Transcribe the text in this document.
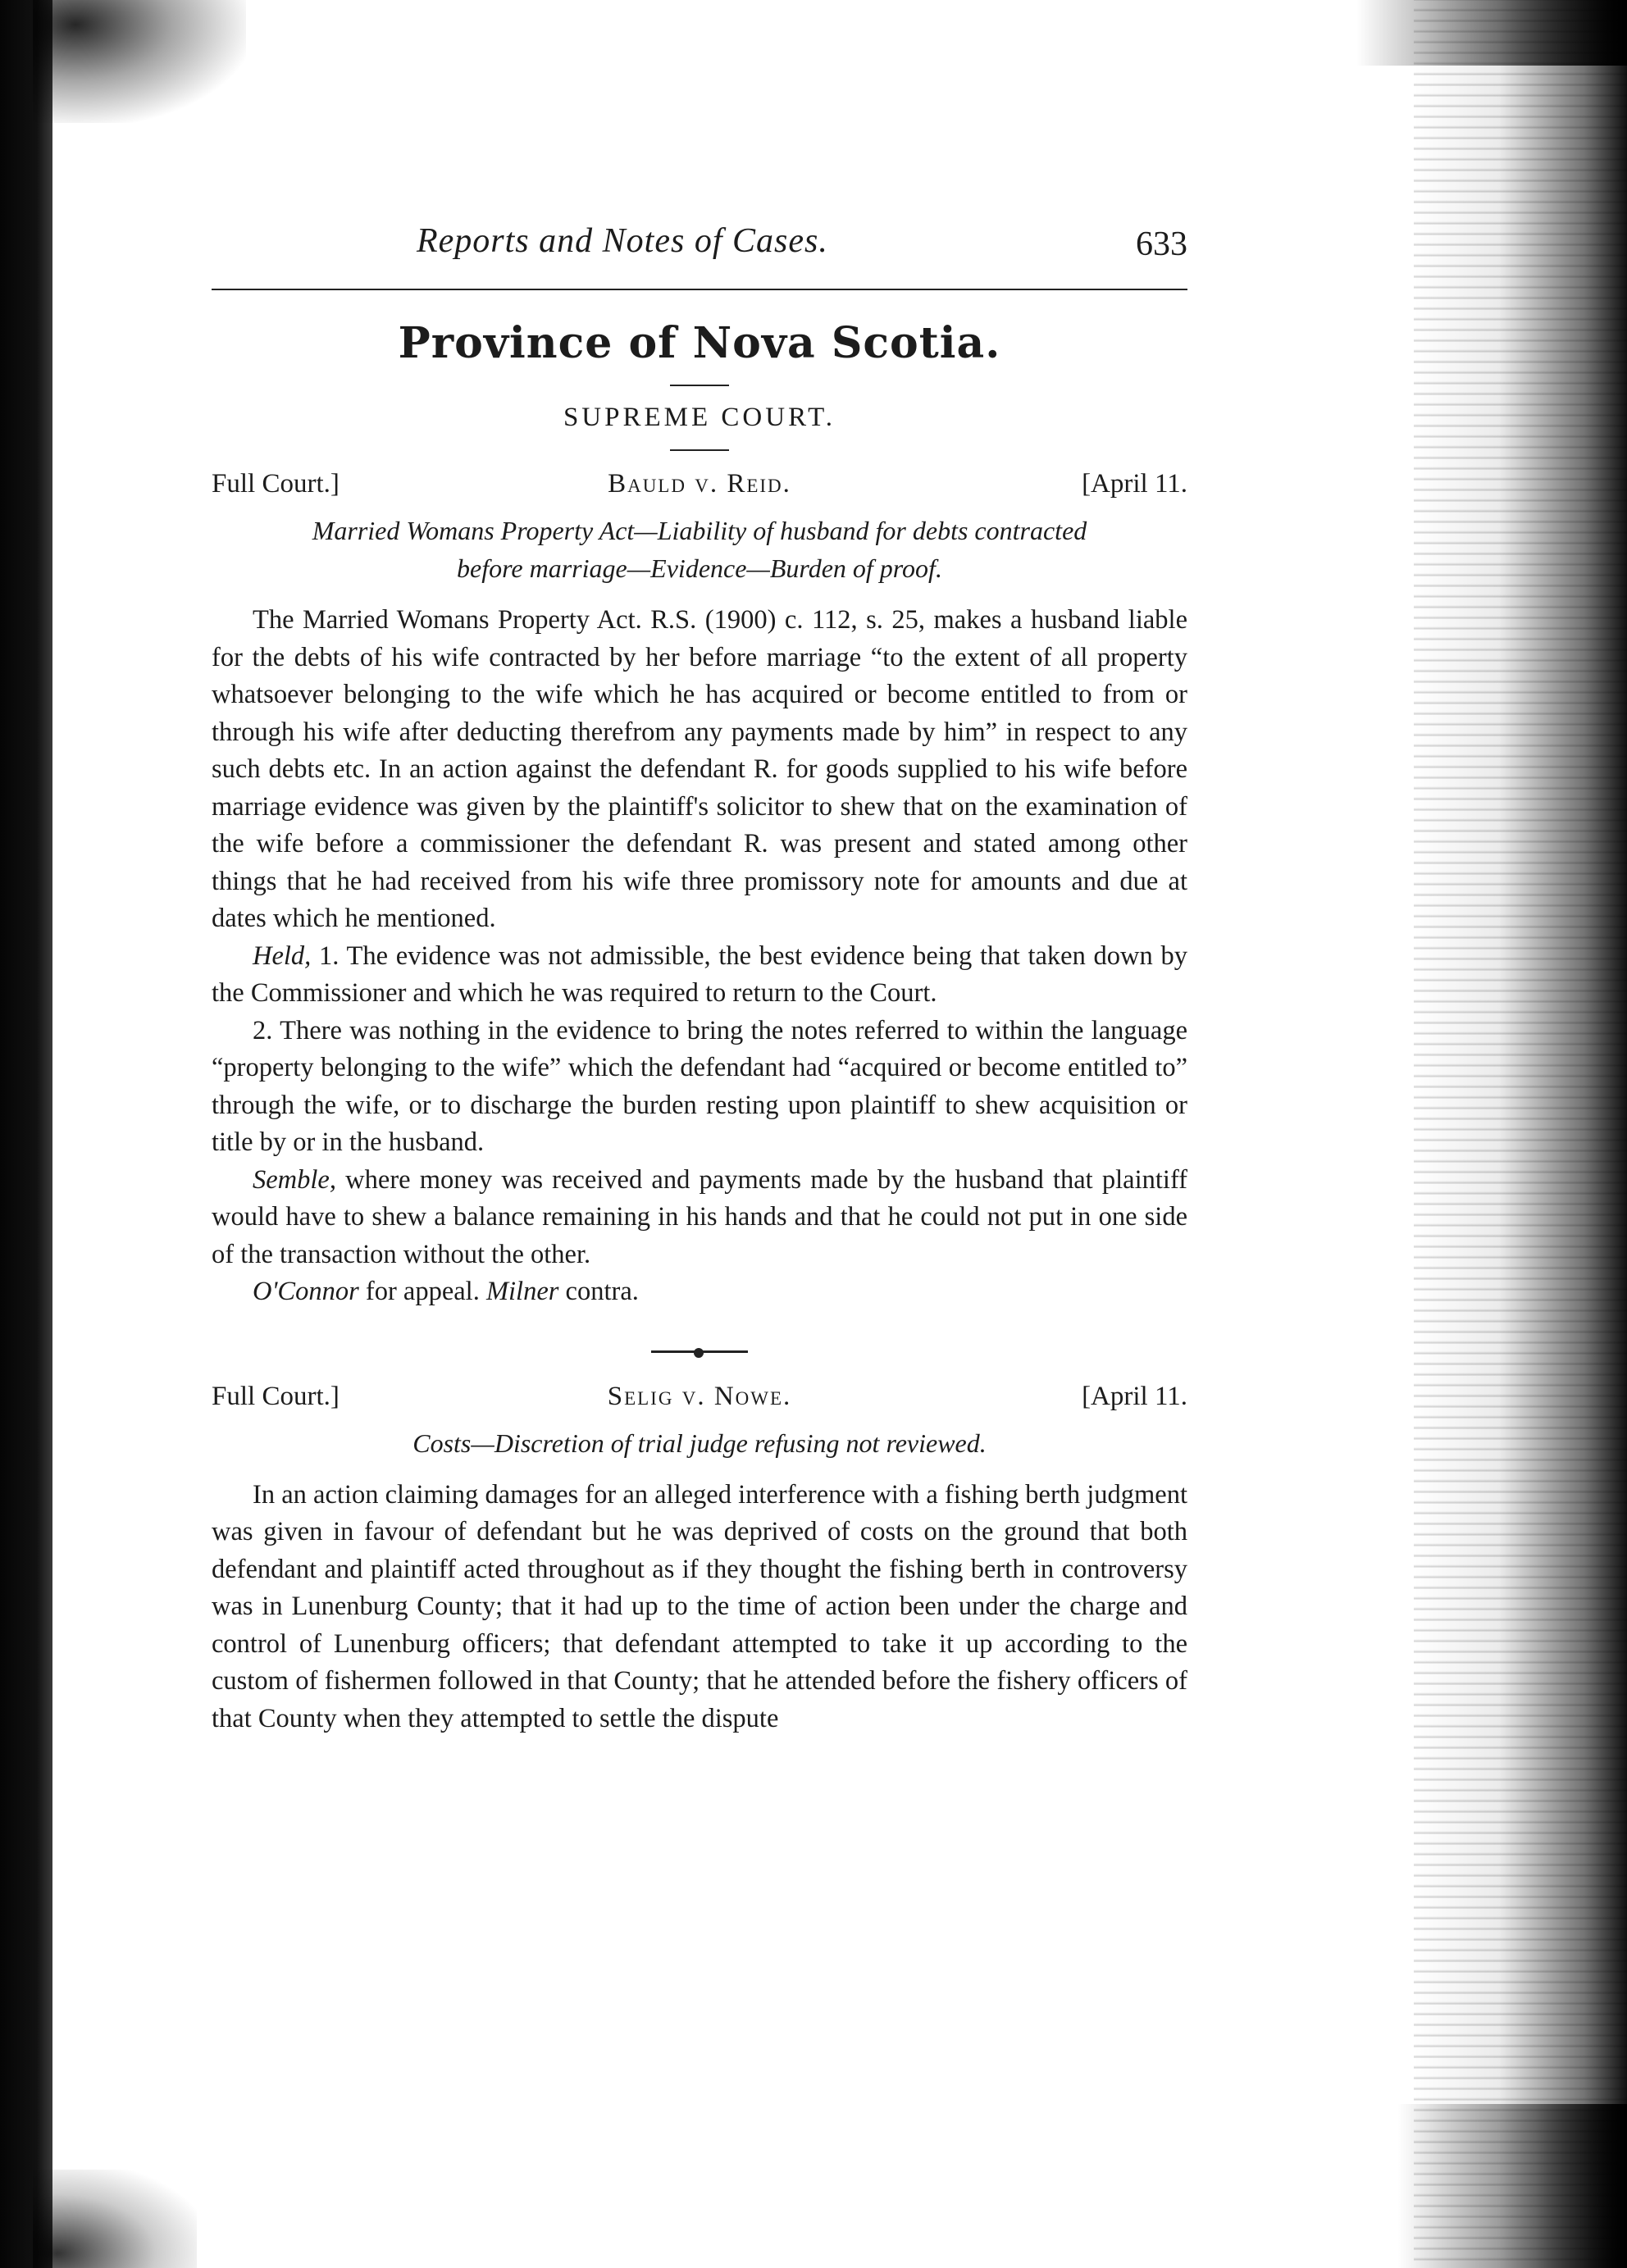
Reports and Notes of Cases.	633
Province of Nova Scotia.
SUPREME COURT.
Full Court.]	Bauld v. Reid.	[April 11.
Married Womans Property Act—Liability of husband for debts contracted
before marriage—Evidence—Burden of proof.

The Married Womans Property Act. R.S. (1900) c. 112, s. 25, makes a husband liable for the debts of his wife contracted by her before marriage “to the extent of all property whatsoever belonging to the wife which he has acquired or become entitled to from or through his wife after deducting therefrom any payments made by him” in respect to any such debts etc. In an action against the defendant R. for goods supplied to his wife before marriage evidence was given by the plaintiff's solicitor to shew that on the examination of the wife before a commissioner the defendant R. was present and stated among other things that he had received from his wife three promissory note for amounts and due at dates which he mentioned.

Held, 1. The evidence was not admissible, the best evidence being that taken down by the Commissioner and which he was required to return to the Court.

2. There was nothing in the evidence to bring the notes referred to within the language “property belonging to the wife” which the defendant had “acquired or become entitled to” through the wife, or to discharge the burden resting upon plaintiff to shew acquisition or title by or in the husband.

Semble, where money was received and payments made by the husband that plaintiff would have to shew a balance remaining in his hands and that he could not put in one side of the transaction without the other.

O'Connor for appeal. Milner contra.

Full Court.]	Selig v. Nowe.	[April 11.
Costs—Discretion of trial judge refusing not reviewed.

In an action claiming damages for an alleged interference with a fishing berth judgment was given in favour of defendant but he was deprived of costs on the ground that both defendant and plaintiff acted throughout as if they thought the fishing berth in controversy was in Lunenburg County; that it had up to the time of action been under the charge and control of Lunenburg officers; that defendant attempted to take it up according to the custom of fishermen followed in that County; that he attended before the fishery officers of that County when they attempted to settle the dispute
